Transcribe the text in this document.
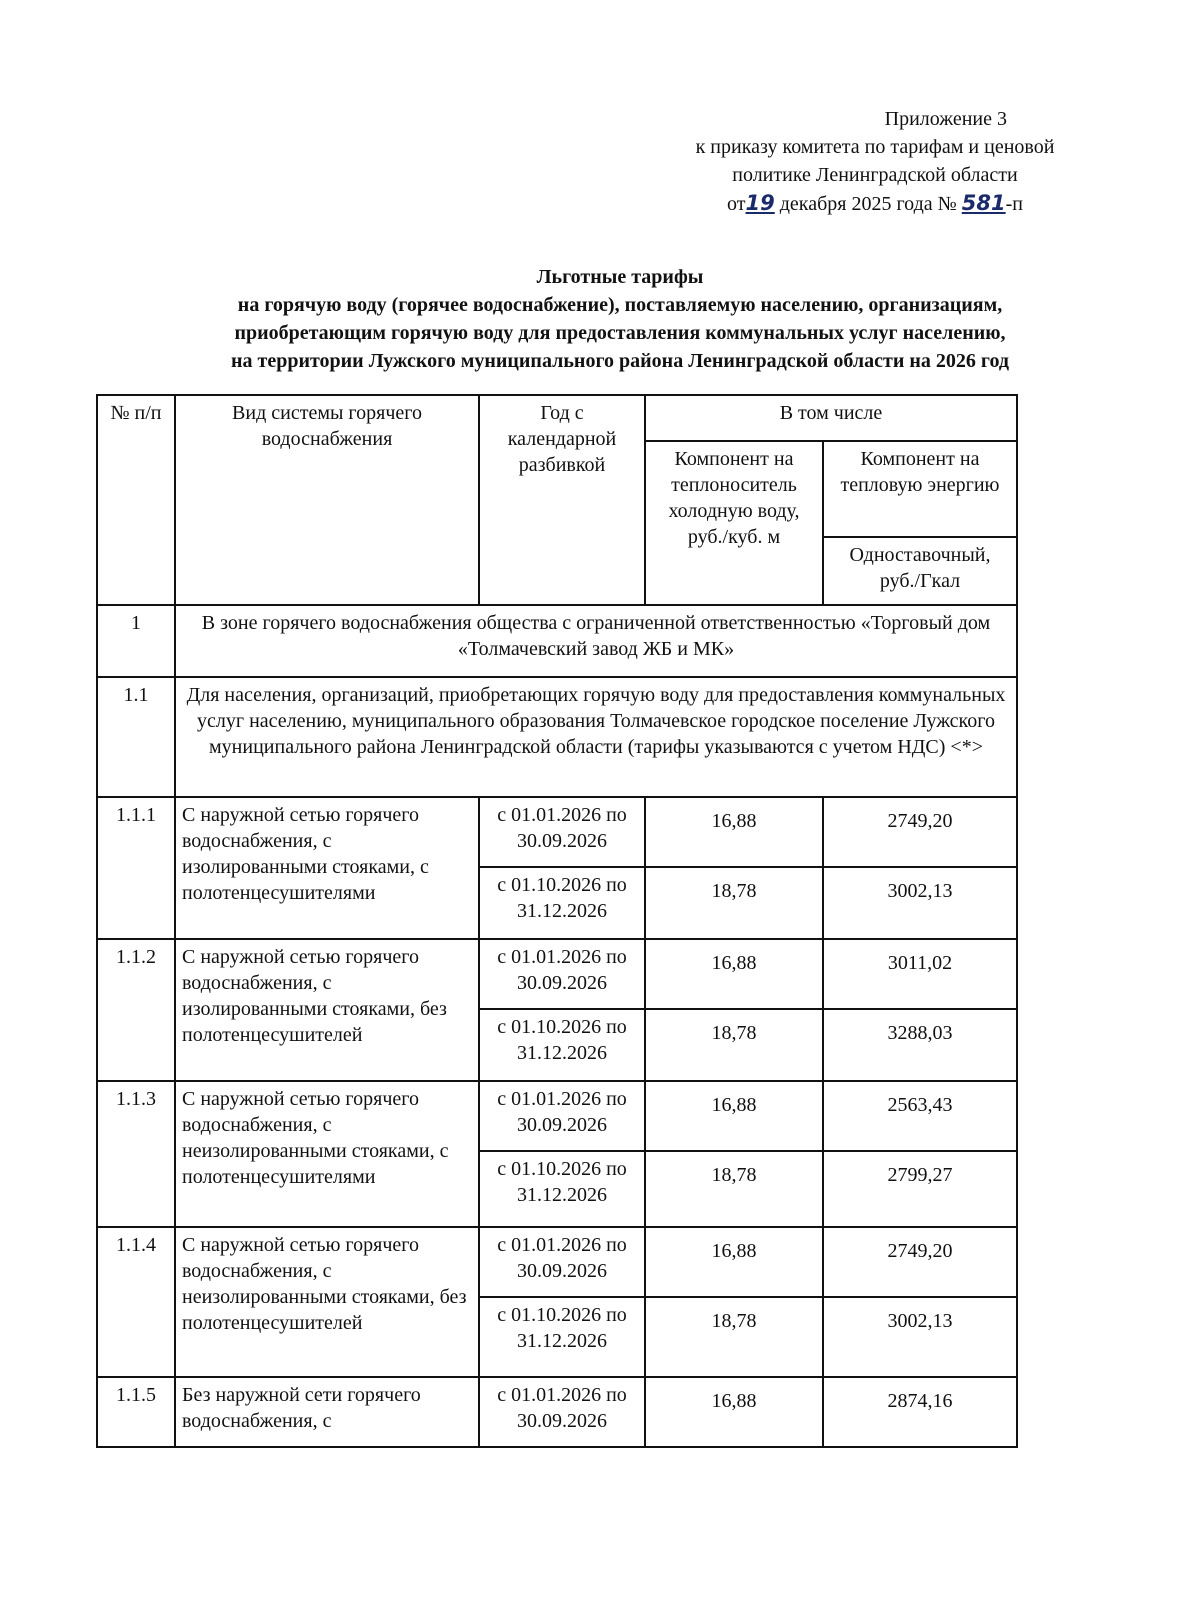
Приложение 3
к приказу комитета по тарифам и ценовой
политике Ленинградской области
от19 декабря 2025 года № 581-п
Льготные тарифы
на горячую воду (горячее водоснабжение), поставляемую населению, организациям,
приобретающим горячую воду для предоставления коммунальных услуг населению,
на территории Лужского муниципального района Ленинградской области на 2026 год
№ п/п	Вид системы горячего водоснабжения	Год с календарной разбивкой	В том числе	
			Компонент на теплоноситель холодную воду, руб./куб. м	Компонент на тепловую энергию
				Одноставочный, руб./Гкал
1	В зоне горячего водоснабжения общества с ограниченной ответственностью «Торговый дом «Толмачевский завод ЖБ и МК»			
1.1	Для населения, организаций, приобретающих горячую воду для предоставления коммунальных услуг населению, муниципального образования Толмачевское городское поселение Лужского муниципального района Ленинградской области (тарифы указываются с учетом НДС) <*>			
1.1.1	С наружной сетью горячего водоснабжения, с изолированными стояками, с полотенцесушителями	с 01.01.2026 по 30.09.2026	16,88	2749,20
		с 01.10.2026 по 31.12.2026	18,78	3002,13
1.1.2	С наружной сетью горячего водоснабжения, с изолированными стояками, без полотенцесушителей	с 01.01.2026 по 30.09.2026	16,88	3011,02
		с 01.10.2026 по 31.12.2026	18,78	3288,03
1.1.3	С наружной сетью горячего водоснабжения, с неизолированными стояками, с полотенцесушителями	с 01.01.2026 по 30.09.2026	16,88	2563,43
		с 01.10.2026 по 31.12.2026	18,78	2799,27
1.1.4	С наружной сетью горячего водоснабжения, с неизолированными стояками, без полотенцесушителей	с 01.01.2026 по 30.09.2026	16,88	2749,20
		с 01.10.2026 по 31.12.2026	18,78	3002,13
1.1.5	Без наружной сети горячего водоснабжения, с	с 01.01.2026 по 30.09.2026	16,88	2874,16
